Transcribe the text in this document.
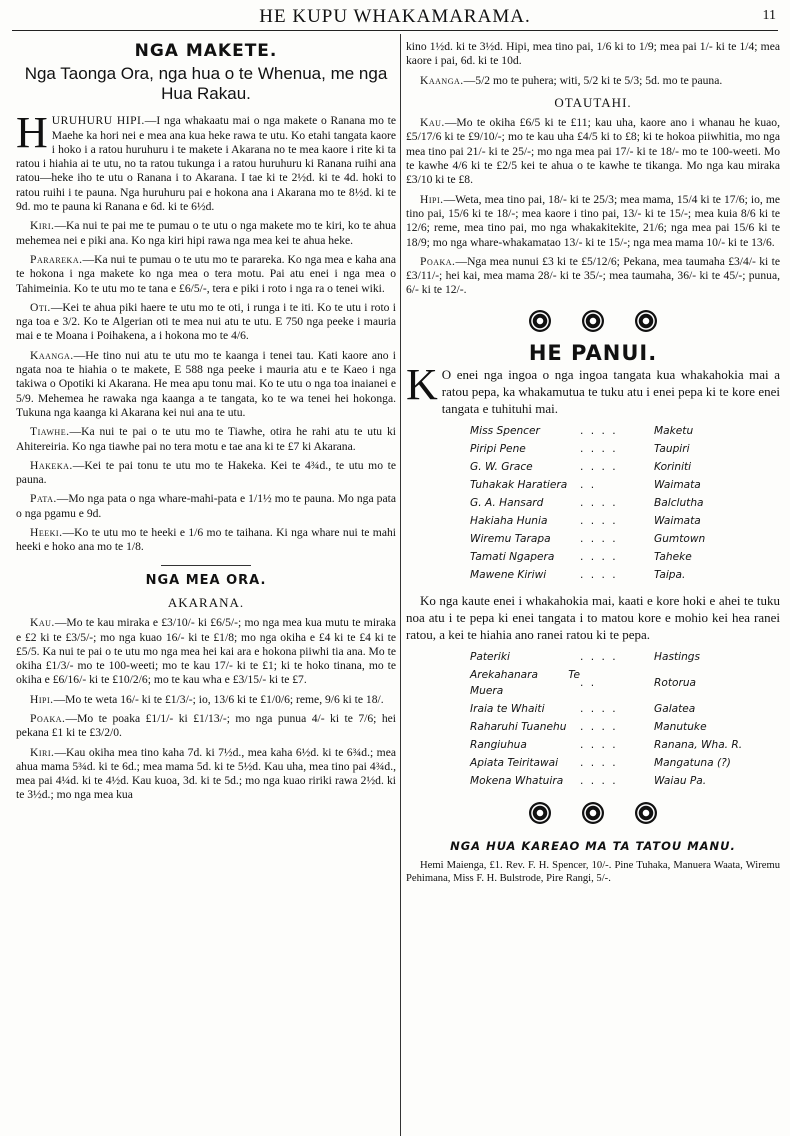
HE KUPU WHAKAMARAMA.	11
NGA MAKETE.
Nga Taonga Ora, nga hua o te Whenua, me nga Hua Rakau.

H URUHURU HIPI.—I nga whakaatu mai o nga makete o Ranana mo te Maehe ka hori nei e mea ana kua heke rawa te utu. Ko etahi tangata kaore i hoko i a ratou huruhuru i te makete i Akarana no te mea kaore i rite ki ta ratou i hiahia ai te utu, no ta ratou tukunga i a ratou huruhuru ki Ranana ruihi ana ratou—heke iho te utu o Ranana i to Akarana. I tae ki te 2½d. ki te 4d. hoki to ratou ruihi i te pauna. Nga huruhuru pai e hokona ana i Akarana mo te 8½d. ki te 9d. mo te pauna ki Ranana e 6d. ki te 6½d.

Kiri.—Ka nui te pai me te pumau o te utu o nga makete mo te kiri, ko te ahua mehemea nei e piki ana. Ko nga kiri hipi rawa nga mea kei te ahua heke.

Parareka.—Ka nui te pumau o te utu mo te parareka. Ko nga mea e kaha ana te hokona i nga makete ko nga mea o tera motu. Pai atu enei i nga mea o Tahimeinia. Ko te utu mo te tana e £6/5/-, tera e piki i roto i nga ra o tenei wiki.

Oti.—Kei te ahua piki haere te utu mo te oti, i runga i te iti. Ko te utu i roto i nga toa e 3/2. Ko te Algerian oti te mea nui atu te utu. E 750 nga peeke i mauria mai e te Moana i Poihakena, a i hokona mo te 4/6.

Kaanga.—He tino nui atu te utu mo te kaanga i tenei tau. Kati kaore ano i ngata noa te hiahia o te makete, E 588 nga peeke i mauria atu e te Kaeo i nga takiwa o Opotiki ki Akarana. He mea apu tonu mai. Ko te utu o nga toa inaianei e 5/9. Mehemea he rawaka nga kaanga a te tangata, ko te wa tenei hei hokonga. Tukuna nga kaanga ki Akarana kei nui ana te utu.

Tiawhe.—Ka nui te pai o te utu mo te Tiawhe, otira he rahi atu te utu ki Ahitereiria. Ko nga tiawhe pai no tera motu e tae ana ki te £7 ki Akarana.

Hakeka.—Kei te pai tonu te utu mo te Hakeka. Kei te 4¾d., te utu mo te pauna.

Pata.—Mo nga pata o nga whare-mahi-pata e 1/1½ mo te pauna. Mo nga pata o nga pgamu e 9d.

Heeki.—Ko te utu mo te heeki e 1/6 mo te taihana. Ki nga whare nui te mahi heeki e hoko ana mo te 1/8.

NGA MEA ORA.
AKARANA.

Kau.—Mo te kau miraka e £3/10/- ki £6/5/-; mo nga mea kua mutu te miraka e £2 ki te £3/5/-; mo nga kuao 16/- ki te £1/8; mo nga okiha e £4 ki te £4 ki te £5/5. Ka nui te pai o te utu mo nga mea hei kai ara e hokona piiwhi tia ana. Mo te okiha £1/3/- mo te 100-weeti; mo te kau 17/- ki te £1; ki te hoko tinana, mo te okiha e £6/16/- ki te £10/2/6; mo te kau wha e £3/15/- ki te £7.

Hipi.—Mo te weta 16/- ki te £1/3/-; io, 13/6 ki te £1/0/6; reme, 9/6 ki te 18/.

Poaka.—Mo te poaka £1/1/- ki £1/13/-; mo nga punua 4/- ki te 7/6; hei pekana £1 ki te £3/2/0.

Kiri.—Kau okiha mea tino kaha 7d. ki 7½d., mea kaha 6½d. ki te 6¾d.; mea ahua mama 5¾d. ki te 6d.; mea mama 5d. ki te 5½d. Kau uha, mea tino pai 4¾d., mea pai 4¼d. ki te 4½d. Kau kuoa, 3d. ki te 5d.; mo nga kuao ririki rawa 2½d. ki te 3½d.; mo nga mea kua

kino 1½d. ki te 3½d. Hipi, mea tino pai, 1/6 ki to 1/9; mea pai 1/- ki te 1/4; mea kaore i pai, 6d. ki te 10d.

Kaanga.—5/2 mo te puhera; witi, 5/2 ki te 5/3; 5d. mo te pauna.

OTAUTAHI.

Kau.—Mo te okiha £6/5 ki te £11; kau uha, kaore ano i whanau he kuao, £5/17/6 ki te £9/10/-; mo te kau uha £4/5 ki to £8; ki te hokoa piiwhitia, mo nga mea tino pai 21/- ki te 25/-; mo nga mea pai 17/- ki te 18/- mo te 100-weeti. Mo te kawhe 4/6 ki te £2/5 kei te ahua o te kawhe te tikanga. Mo nga kau miraka £3/10 ki te £8.

Hipi.—Weta, mea tino pai, 18/- ki te 25/3; mea mama, 15/4 ki te 17/6; io, me tino pai, 15/6 ki te 18/-; mea kaore i tino pai, 13/- ki te 15/-; mea kuia 8/6 ki te 12/6; reme, mea tino pai, mo nga whakakitekite, 21/6; nga mea pai 15/6 ki te 18/9; mo nga whare-whakamatao 13/- ki te 15/-; nga mea mama 10/- ki te 13/6.

Poaka.—Nga mea nunui £3 ki te £5/12/6; Pekana, mea taumaha £3/4/- ki te £3/11/-; hei kai, mea mama 28/- ki te 35/-; mea taumaha, 36/- ki te 45/-; punua, 6/- ki te 12/-.

HE PANUI.

K O enei nga ingoa o nga ingoa tangata kua whakahokia mai a ratou pepa, ka whakamutua te tuku atu i enei pepa ki te kore enei tangata e tuhituhi mai.

Miss Spencer	. . . .	Maketu
Piripi Pene	. . . .	Taupiri
G. W. Grace	. . . .	Koriniti
Tuhakak Haratiera	. .	Waimata
G. A. Hansard	. . . .	Balclutha
Hakiaha Hunia	. . . .	Waimata
Wiremu Tarapa	. . . .	Gumtown
Tamati Ngapera	. . . .	Taheke
Mawene Kiriwi	. . . .	Taipa.

Ko nga kaute enei i whakahokia mai, kaati e kore hoki e ahei te tuku noa atu i te pepa ki enei tangata i to matou kore e mohio kei hea ranei ratou, a kei te hiahia ano ranei ratou ki te pepa.

Pateriki	. . . .	Hastings
Arekahanara Te Muera	. .	Rotorua
Iraia te Whaiti	. . . .	Galatea
Raharuhi Tuanehu	. . . .	Manutuke
Rangiuhua	. . . .	Ranana, Wha. R.
Apiata Teiritawai	. . . .	Mangatuna (?)
Mokena Whatuira	. . . .	Waiau Pa.

NGA HUA KAREAO MA TA TATOU MANU.

Hemi Maienga, £1. Rev. F. H. Spencer, 10/-. Pine Tuhaka, Manuera Waata, Wiremu Pehimana, Miss F. H. Bulstrode, Pire Rangi, 5/-.
